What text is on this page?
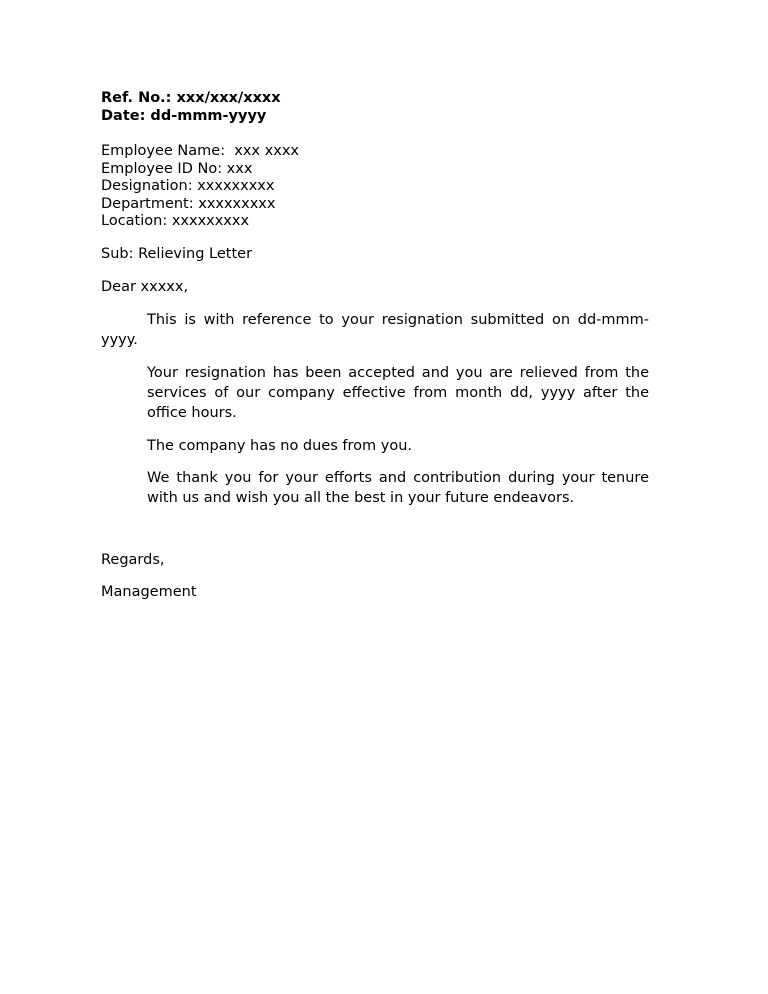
Ref. No.: xxx/xxx/xxxx

Date: dd-mmm-yyyy

Employee Name:  xxx xxxx

Employee ID No: xxx

Designation: xxxxxxxxx

Department: xxxxxxxxx

Location: xxxxxxxxx

Sub: Relieving Letter

Dear xxxxx,

This is with reference to your resignation submitted on dd-mmm-yyyy.

Your resignation has been accepted and you are relieved from the services of our company effective from month dd, yyyy after the office hours.

The company has no dues from you.

We thank you for your efforts and contribution during your tenure with us and wish you all the best in your future endeavors.

Regards,

Management
